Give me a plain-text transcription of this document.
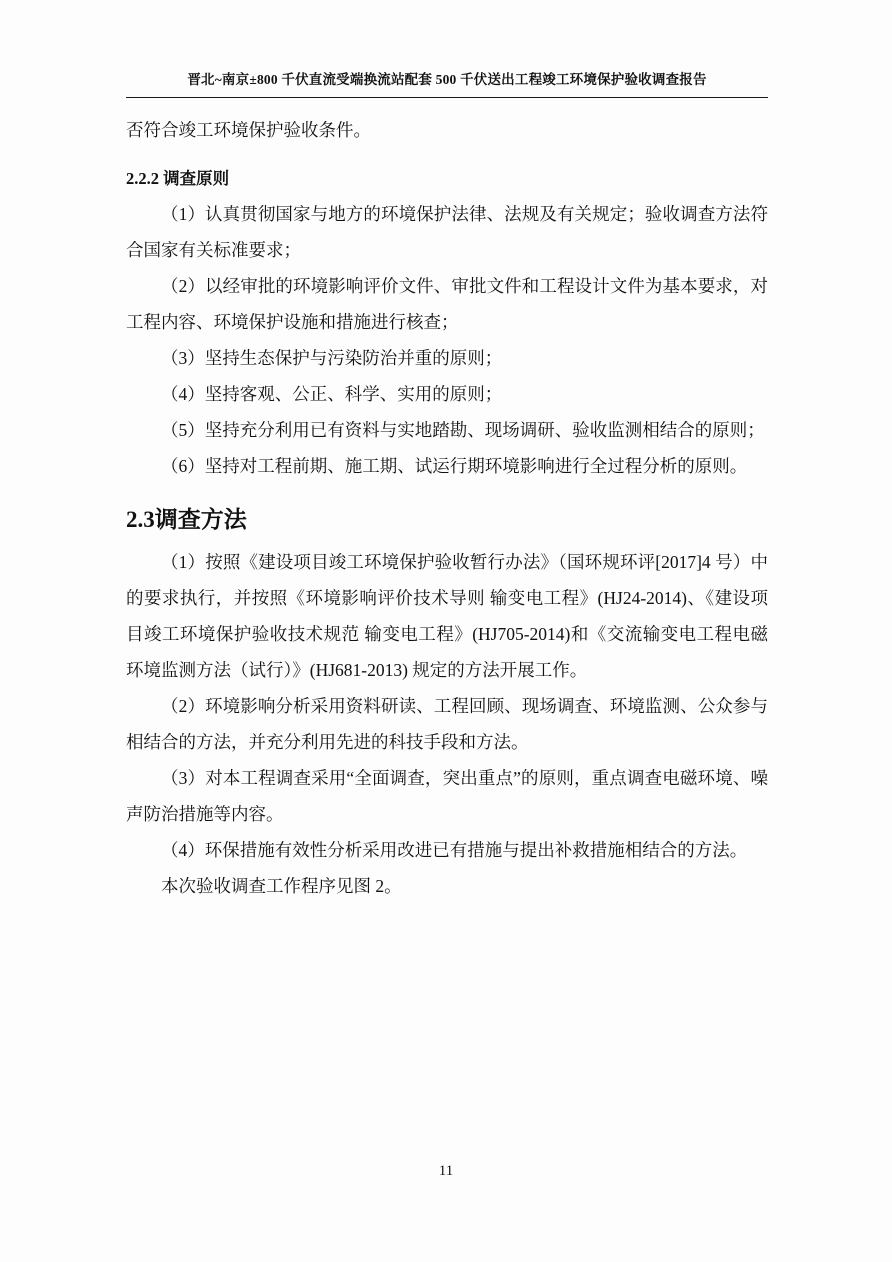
晋北~南京±800 千伏直流受端换流站配套 500 千伏送出工程竣工环境保护验收调查报告
否符合竣工环境保护验收条件。
2.2.2 调查原则

（1）认真贯彻国家与地方的环境保护法律、法规及有关规定；验收调查方法符合国家有关标准要求；

（2）以经审批的环境影响评价文件、审批文件和工程设计文件为基本要求，对工程内容、环境保护设施和措施进行核查；

（3）坚持生态保护与污染防治并重的原则；

（4）坚持客观、公正、科学、实用的原则；

（5）坚持充分利用已有资料与实地踏勘、现场调研、验收监测相结合的原则；

（6）坚持对工程前期、施工期、试运行期环境影响进行全过程分析的原则。

2.3调查方法

（1）按照《建设项目竣工环境保护验收暂行办法》（国环规环评[2017]4 号）中的要求执行，并按照《环境影响评价技术导则 输变电工程》(HJ24-2014)、《建设项目竣工环境保护验收技术规范 输变电工程》(HJ705-2014)和《交流输变电工程电磁环境监测方法（试行）》(HJ681-2013) 规定的方法开展工作。

（2）环境影响分析采用资料研读、工程回顾、现场调查、环境监测、公众参与相结合的方法，并充分利用先进的科技手段和方法。

（3）对本工程调查采用“全面调查，突出重点”的原则，重点调查电磁环境、噪声防治措施等内容。

（4）环保措施有效性分析采用改进已有措施与提出补救措施相结合的方法。

本次验收调查工作程序见图 2。

11
